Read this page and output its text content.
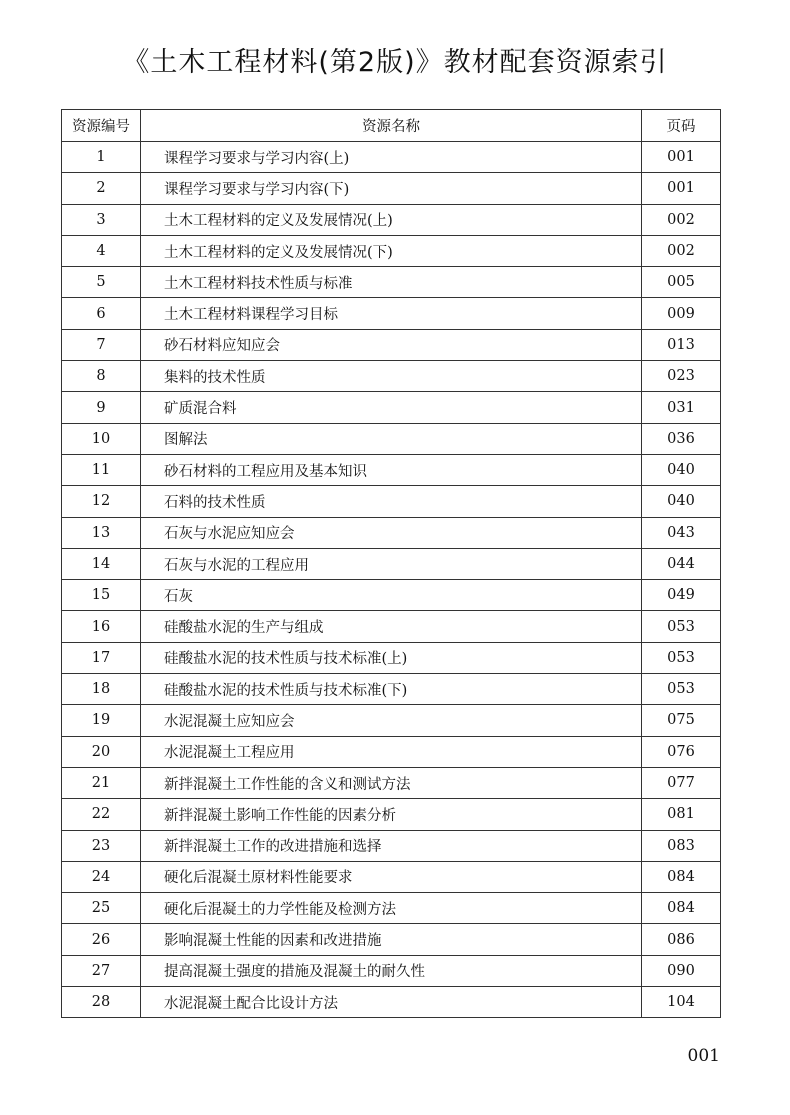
《土木工程材料(第2版)》教材配套资源索引
资源编号	资源名称	页码
1	课程学习要求与学习内容(上)	001
2	课程学习要求与学习内容(下)	001
3	土木工程材料的定义及发展情况(上)	002
4	土木工程材料的定义及发展情况(下)	002
5	土木工程材料技术性质与标准	005
6	土木工程材料课程学习目标	009
7	砂石材料应知应会	013
8	集料的技术性质	023
9	矿质混合料	031
10	图解法	036
11	砂石材料的工程应用及基本知识	040
12	石料的技术性质	040
13	石灰与水泥应知应会	043
14	石灰与水泥的工程应用	044
15	石灰	049
16	硅酸盐水泥的生产与组成	053
17	硅酸盐水泥的技术性质与技术标准(上)	053
18	硅酸盐水泥的技术性质与技术标准(下)	053
19	水泥混凝土应知应会	075
20	水泥混凝土工程应用	076
21	新拌混凝土工作性能的含义和测试方法	077
22	新拌混凝土影响工作性能的因素分析	081
23	新拌混凝土工作的改进措施和选择	083
24	硬化后混凝土原材料性能要求	084
25	硬化后混凝土的力学性能及检测方法	084
26	影响混凝土性能的因素和改进措施	086
27	提高混凝土强度的措施及混凝土的耐久性	090
28	水泥混凝土配合比设计方法	104
001
